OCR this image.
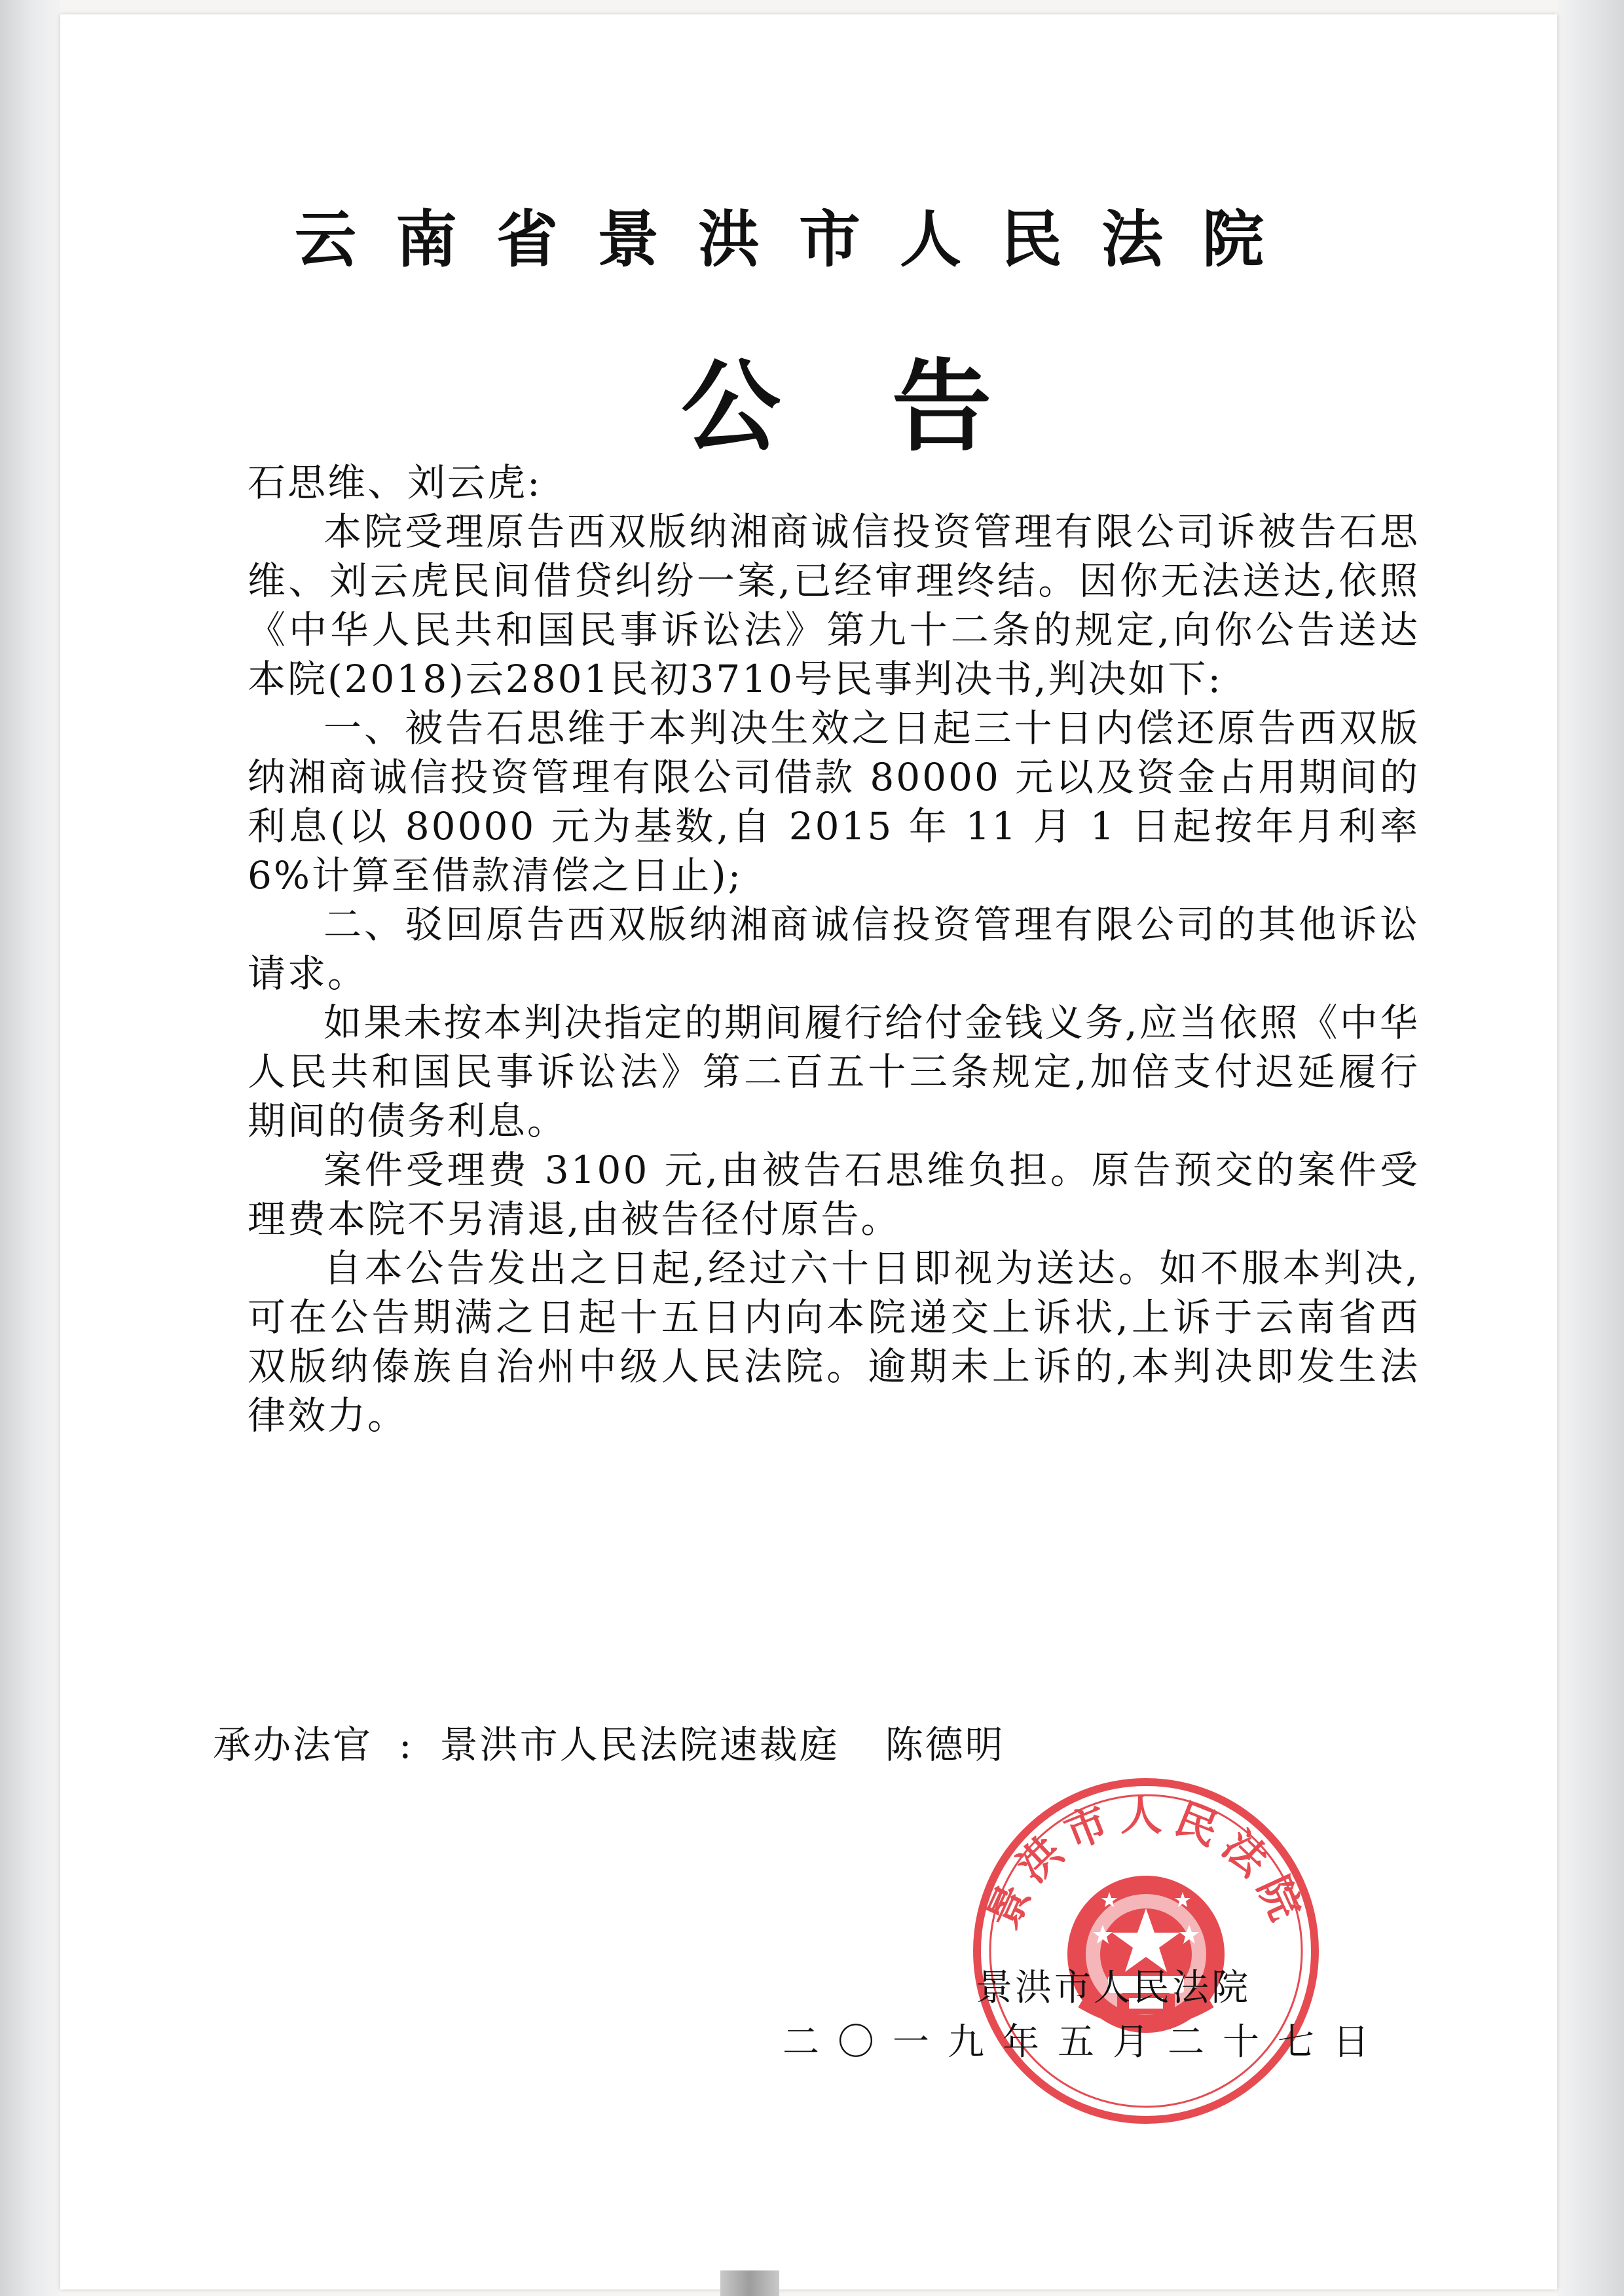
云南省景洪市人民法院
公告

石思维、刘云虎:

本院受理原告西双版纳湘商诚信投资管理有限公司诉被告石思维、刘云虎民间借贷纠纷一案,已经审理终结。因你无法送达,依照《中华人民共和国民事诉讼法》第九十二条的规定,向你公告送达本院(2018)云2801民初3710号民事判决书,判决如下:

一、被告石思维于本判决生效之日起三十日内偿还原告西双版纳湘商诚信投资管理有限公司借款 80000 元以及资金占用期间的利息(以 80000 元为基数,自 2015 年 11 月 1 日起按年月利率 6%计算至借款清偿之日止);

二、驳回原告西双版纳湘商诚信投资管理有限公司的其他诉讼请求。

如果未按本判决指定的期间履行给付金钱义务,应当依照《中华人民共和国民事诉讼法》第二百五十三条规定,加倍支付迟延履行期间的债务利息。

案件受理费 3100 元,由被告石思维负担。原告预交的案件受理费本院不另清退,由被告径付原告。

自本公告发出之日起,经过六十日即视为送达。如不服本判决,可在公告期满之日起十五日内向本院递交上诉状,上诉于云南省西双版纳傣族自治州中级人民法院。逾期未上诉的,本判决即发生法律效力。

承办法官 : 景洪市人民法院速裁庭 陈德明
景洪市人民法院
景洪市人民法院
二〇一九年五月二十七日
